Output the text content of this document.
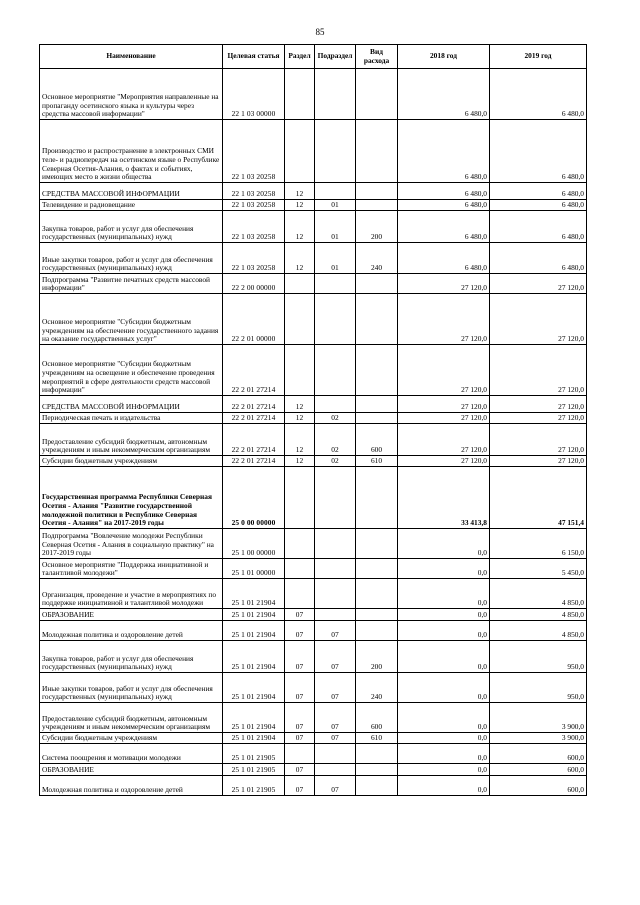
85
Наименование	Целевая статья	Раздел	Подраздел	Вид расхода	2018 год	2019 год
Основное мероприятие "Мероприятия направленные на пропаганду осетинского языка и культуры через средства массовой информации"	22 1 03 00000				6 480,0	6 480,0
Производство и распространение в электронных СМИ теле- и радиопередач на осетинском языке о Республике Северная Осетия-Алания, о фактах и событиях, имеющих место в жизни общества	22 1 03 20258				6 480,0	6 480,0
СРЕДСТВА МАССОВОЙ ИНФОРМАЦИИ	22 1 03 20258	12			6 480,0	6 480,0
Телевидение и радиовещание	22 1 03 20258	12	01		6 480,0	6 480,0
Закупка товаров, работ и услуг для обеспечения государственных (муниципальных) нужд	22 1 03 20258	12	01	200	6 480,0	6 480,0
Иные закупки товаров, работ и услуг для обеспечения государственных (муниципальных) нужд	22 1 03 20258	12	01	240	6 480,0	6 480,0
Подпрограмма "Развитие печатных средств массовой информации"	22 2 00 00000				27 120,0	27 120,0
Основное мероприятие "Субсидии бюджетным учреждениям на обеспечение государственного задания на оказание государственных услуг"	22 2 01 00000				27 120,0	27 120,0
Основное мероприятие "Субсидии бюджетным учреждениям на освещение и обеспечение проведения мероприятий в сфере деятельности средств массовой информации"	22 2 01 27214				27 120,0	27 120,0
СРЕДСТВА МАССОВОЙ ИНФОРМАЦИИ	22 2 01 27214	12			27 120,0	27 120,0
Периодическая печать и издательства	22 2 01 27214	12	02		27 120,0	27 120,0
Предоставление субсидий бюджетным, автономным учреждениям и иным некоммерческим организациям	22 2 01 27214	12	02	600	27 120,0	27 120,0
Субсидии бюджетным учреждениям	22 2 01 27214	12	02	610	27 120,0	27 120,0
Государственная программа Республики Северная Осетия - Алания "Развитие государственной молодежной политики в Республике Северная Осетия - Алания" на 2017-2019 годы	25 0 00 00000				33 413,8	47 151,4
Подпрограмма "Вовлечение молодежи Республики Северная Осетия - Алания в социальную практику" на 2017-2019 годы	25 1 00 00000				0,0	6 150,0
Основное мероприятие "Поддержка инициативной и талантливой молодежи"	25 1 01 00000				0,0	5 450,0
Организация, проведение и участие в мероприятиях по поддержке инициативной и талантливой молодежи	25 1 01 21904				0,0	4 850,0
ОБРАЗОВАНИЕ	25 1 01 21904	07			0,0	4 850,0
Молодежная политика и оздоровление детей	25 1 01 21904	07	07		0,0	4 850,0
Закупка товаров, работ и услуг для обеспечения государственных (муниципальных) нужд	25 1 01 21904	07	07	200	0,0	950,0
Иные закупки товаров, работ и услуг для обеспечения государственных (муниципальных) нужд	25 1 01 21904	07	07	240	0,0	950,0
Предоставление субсидий бюджетным, автономным учреждениям и иным некоммерческим организациям	25 1 01 21904	07	07	600	0,0	3 900,0
Субсидии бюджетным учреждениям	25 1 01 21904	07	07	610	0,0	3 900,0
Система поощрения и мотивации молодежи	25 1 01 21905				0,0	600,0
ОБРАЗОВАНИЕ	25 1 01 21905	07			0,0	600,0
Молодежная политика и оздоровление детей	25 1 01 21905	07	07		0,0	600,0
